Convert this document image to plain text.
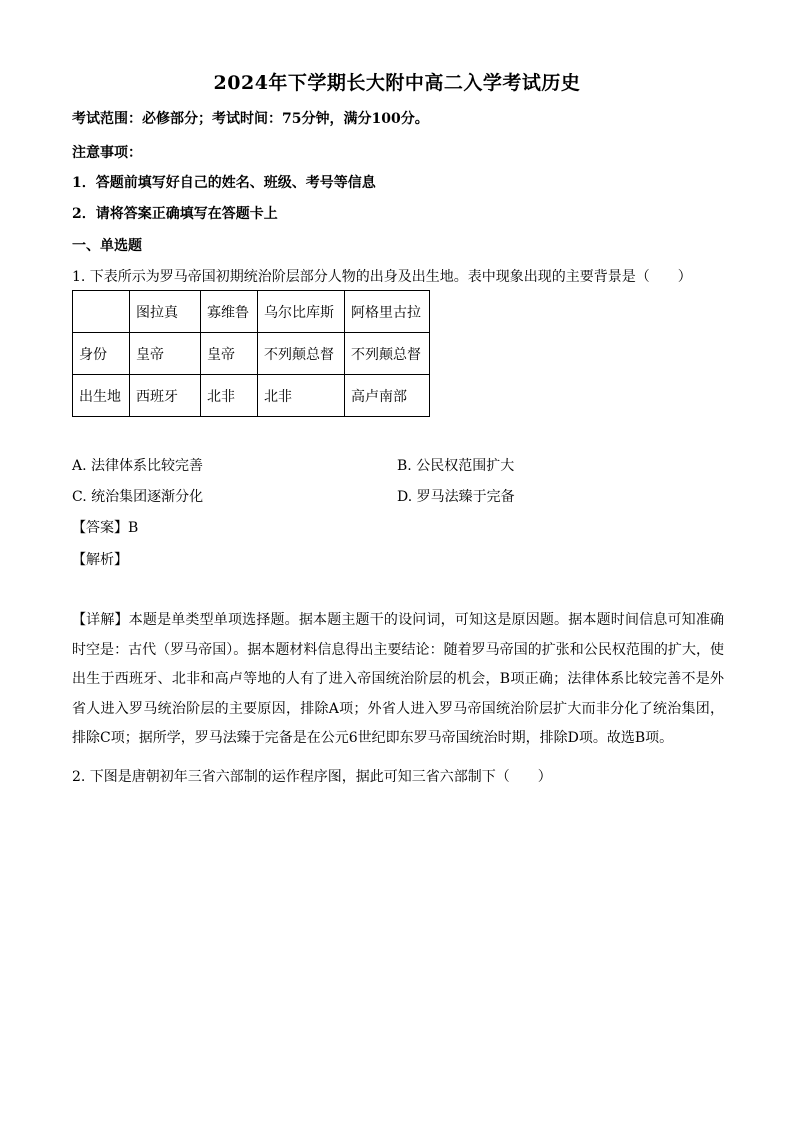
2024年下学期长大附中高二入学考试历史
考试范围：必修部分；考试时间：75分钟，满分100分。
注意事项：
1．答题前填写好自己的姓名、班级、考号等信息
2．请将答案正确填写在答题卡上
一、单选题
1. 下表所示为罗马帝国初期统治阶层部分人物的出身及出生地。表中现象出现的主要背景是（　　）
	图拉真	寡维鲁	乌尔比库斯	阿格里古拉
身份	皇帝	皇帝	不列颠总督	不列颠总督
出生地	西班牙	北非	北非	高卢南部
A. 法律体系比较完善	B. 公民权范围扩大
C. 统治集团逐渐分化	D. 罗马法臻于完备
【答案】B
【解析】
【详解】本题是单类型单项选择题。据本题主题干的设问词，可知这是原因题。据本题时间信息可知准确时空是：古代（罗马帝国）。据本题材料信息得出主要结论：随着罗马帝国的扩张和公民权范围的扩大，使出生于西班牙、北非和高卢等地的人有了进入帝国统治阶层的机会，B项正确；法律体系比较完善不是外省人进入罗马统治阶层的主要原因，排除A项；外省人进入罗马帝国统治阶层扩大而非分化了统治集团，排除C项；据所学，罗马法臻于完备是在公元6世纪即东罗马帝国统治时期，排除D项。故选B项。
2. 下图是唐朝初年三省六部制的运作程序图，据此可知三省六部制下（　　）
